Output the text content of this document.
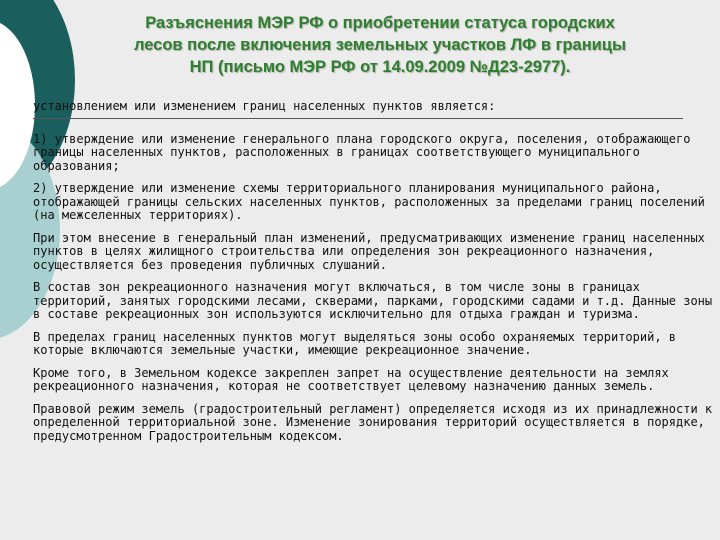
Разъяснения МЭР РФ о приобретении статуса городских
лесов после включения земельных участков ЛФ в границы
НП (письмо МЭР РФ от 14.09.2009 №Д23-2977).

установлением или изменением границ населенных пунктов является:

1) утверждение или изменение генерального плана городского округа, поселения, отображающего границы населенных пунктов, расположенных в границах соответствующего муниципального образования;

2) утверждение или изменение схемы территориального планирования муниципального района, отображающей границы сельских населенных пунктов, расположенных за пределами границ поселений (на межселенных территориях).

При этом внесение в генеральный план изменений, предусматривающих изменение границ населенных пунктов в целях жилищного строительства или определения зон рекреационного назначения, осуществляется без проведения публичных слушаний.

В состав зон рекреационного назначения могут включаться, в том числе зоны в границах территорий, занятых городскими лесами, скверами, парками, городскими садами и т.д. Данные зоны в составе рекреационных зон используются исключительно для отдыха граждан и туризма.

В пределах границ населенных пунктов могут выделяться зоны особо охраняемых территорий, в которые включаются земельные участки, имеющие рекреационное значение.

Кроме того, в Земельном кодексе закреплен запрет на осуществление деятельности на землях рекреационного назначения, которая не соответствует целевому назначению данных земель.

Правовой режим земель (градостроительный регламент) определяется исходя из их принадлежности к определенной территориальной зоне. Изменение зонирования территорий осуществляется в порядке, предусмотренном Градостроительным кодексом.
